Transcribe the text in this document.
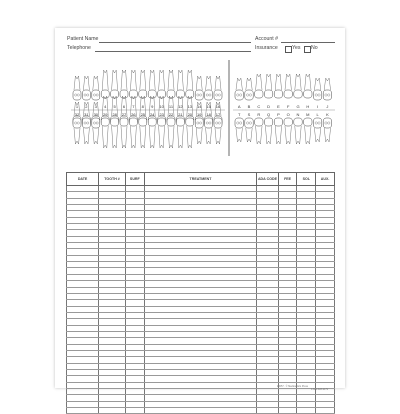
Patient Name	Account #
Telephone	Insurance	Yes No
1 2 3 4 5 6 7 8 9 10 11 12 13 14 15 16
32 31 30 29 28 27 26 25 24 23 22 21 20 19 18 17
A B C D E F G H I J
T S R Q P O N M L K
DATE	TOOTH #	SURF	TREATMENT	ADA CODE	FEE	SOL	AUX.

#2057 · © Medical Arts Press
1-800-328-2179
